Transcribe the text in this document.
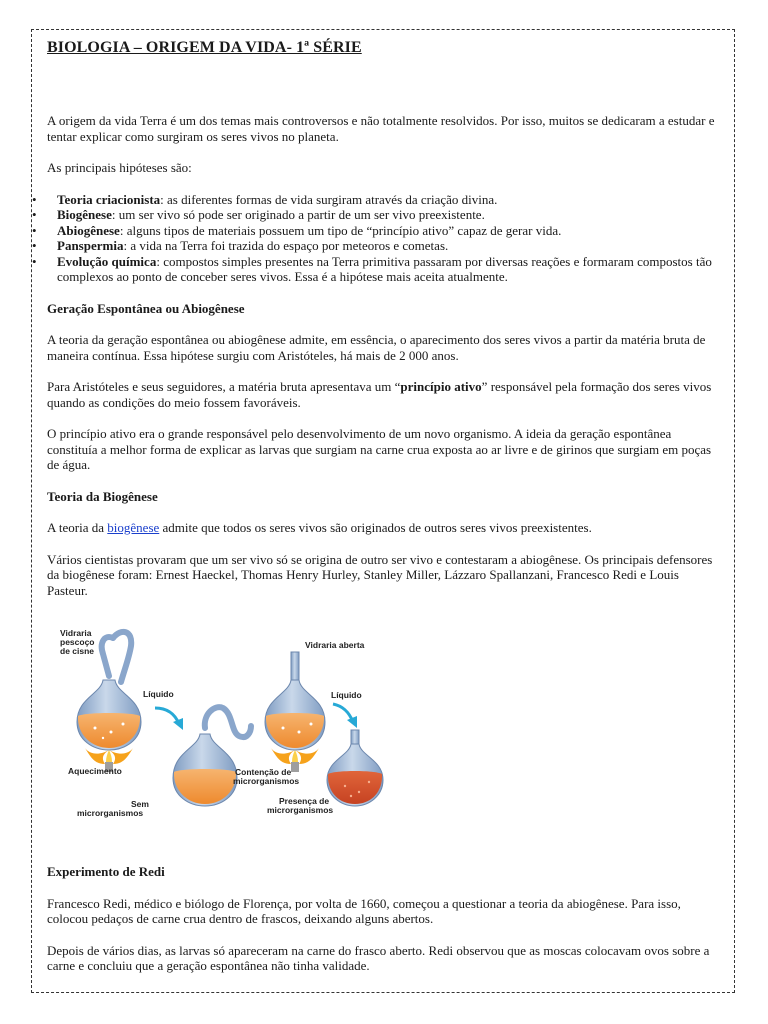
BIOLOGIA – ORIGEM DA VIDA- 1ª SÉRIE

A origem da vida Terra é um dos temas mais controversos e não totalmente resolvidos. Por isso, muitos se dedicaram a estudar e tentar explicar como surgiram os seres vivos no planeta.

As principais hipóteses são:

• Teoria criacionista: as diferentes formas de vida surgiram através da criação divina.
• Biogênese: um ser vivo só pode ser originado a partir de um ser vivo preexistente.
• Abiogênese: alguns tipos de materiais possuem um tipo de “princípio ativo” capaz de gerar vida.
• Panspermia: a vida na Terra foi trazida do espaço por meteoros e cometas.
• Evolução química: compostos simples presentes na Terra primitiva passaram por diversas reações e formaram compostos tão complexos ao ponto de conceber seres vivos. Essa é a hipótese mais aceita atualmente.

Geração Espontânea ou Abiogênese

A teoria da geração espontânea ou abiogênese admite, em essência, o aparecimento dos seres vivos a partir da matéria bruta de maneira contínua. Essa hipótese surgiu com Aristóteles, há mais de 2 000 anos.

Para Aristóteles e seus seguidores, a matéria bruta apresentava um “princípio ativo” responsável pela formação dos seres vivos quando as condições do meio fossem favoráveis.

O princípio ativo era o grande responsável pelo desenvolvimento de um novo organismo. A ideia da geração espontânea constituía a melhor forma de explicar as larvas que surgiam na carne crua exposta ao ar livre e de girinos que surgiam em poças de água.

Teoria da Biogênese

A teoria da biogênese admite que todos os seres vivos são originados de outros seres vivos preexistentes.

Vários cientistas provaram que um ser vivo só se origina de outro ser vivo e contestaram a abiogênese. Os principais defensores da biogênese foram: Ernest Haeckel, Thomas Henry Hurley, Stanley Miller, Lázzaro Spallanzani, Francesco Redi e Louis Pasteur.

Vidraria
pescoço
de cisne
Líquido
Aquecimento	Contenção de
microrganismos
Sem
microrganismos
Vidraria aberta
Líquido
Presença de
microrganismos

Experimento de Redi

Francesco Redi, médico e biólogo de Florença, por volta de 1660, começou a questionar a teoria da abiogênese. Para isso, colocou pedaços de carne crua dentro de frascos, deixando alguns abertos.

Depois de vários dias, as larvas só apareceram na carne do frasco aberto. Redi observou que as moscas colocavam ovos sobre a carne e concluiu que a geração espontânea não tinha validade.
